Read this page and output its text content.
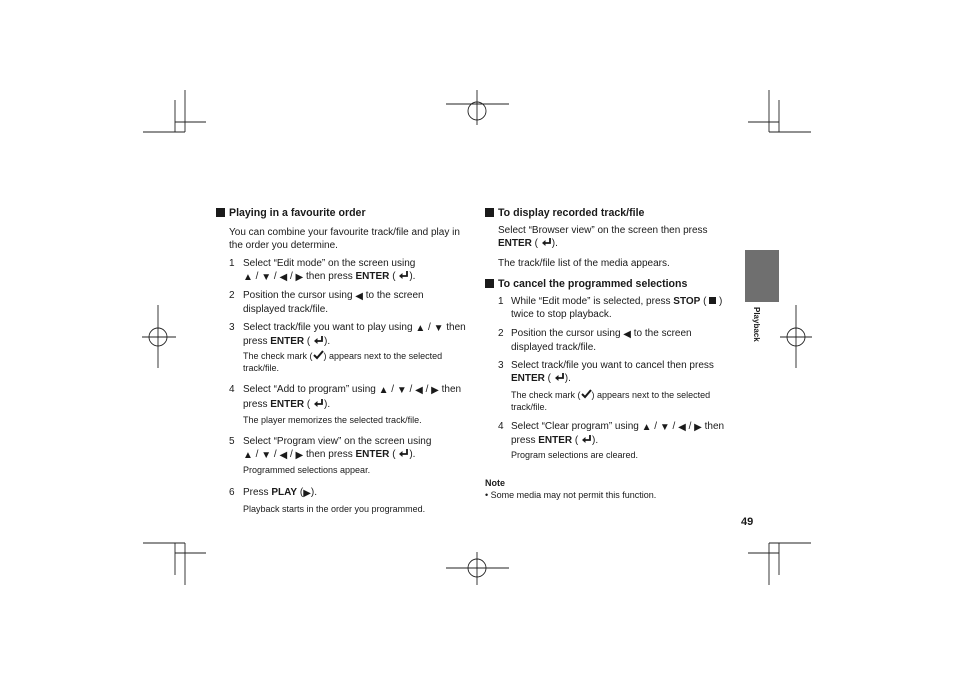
Playing in a favourite order
You can combine your favourite track/file and play in
the order you determine.
1 Select “Edit mode” on the screen using
▲ / ▼ / ◀ / ▶ then press ENTER ( ).
2 Position the cursor using ◀ to the screen
displayed track/file.
3 Select track/file you want to play using ▲ / ▼ then
press ENTER ( ).
The check mark ( ) appears next to the selected
track/file.
4 Select “Add to program” using ▲ / ▼ / ◀ / ▶ then
press ENTER ( ).
The player memorizes the selected track/file.
5 Select “Program view” on the screen using
▲ / ▼ / ◀ / ▶ then press ENTER ( ).
Programmed selections appear.
6 Press PLAY (▶).
Playback starts in the order you programmed.
To display recorded track/file
Select “Browser view” on the screen then press
ENTER ( ).
The track/file list of the media appears.
To cancel the programmed selections
1 While “Edit mode” is selected, press STOP (  )
twice to stop playback.
2 Position the cursor using ◀ to the screen
displayed track/file.
3 Select track/file you want to cancel then press
ENTER ( ).
The check mark ( ) appears next to the selected
track/file.
4 Select “Clear program” using ▲ / ▼ / ◀ / ▶ then
press ENTER ( ).
Program selections are cleared.
Note
• Some media may not permit this function.
Playback
49
